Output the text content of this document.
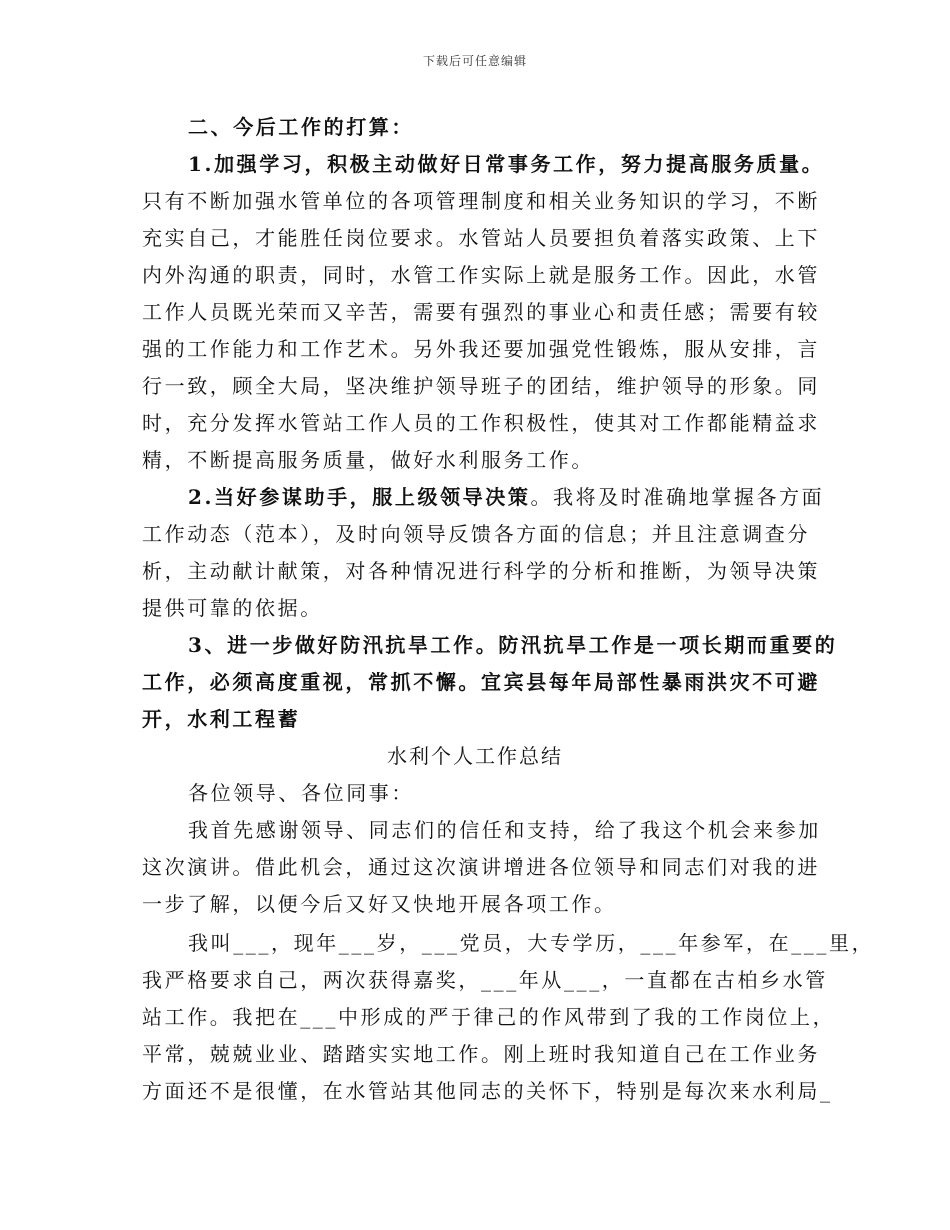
下载后可任意编辑
二、今后工作的打算：
1.加强学习，积极主动做好日常事务工作，努力提高服务质量。
只有不断加强水管单位的各项管理制度和相关业务知识的学习，不断
充实自己，才能胜任岗位要求。水管站人员要担负着落实政策、上下
内外沟通的职责，同时，水管工作实际上就是服务工作。因此，水管
工作人员既光荣而又辛苦，需要有强烈的事业心和责任感；需要有较
强的工作能力和工作艺术。另外我还要加强党性锻炼，服从安排，言
行一致，顾全大局，坚决维护领导班子的团结，维护领导的形象。同
时，充分发挥水管站工作人员的工作积极性，使其对工作都能精益求
精，不断提高服务质量，做好水利服务工作。
2.当好参谋助手，服上级领导决策。我将及时准确地掌握各方面
工作动态（范本），及时向领导反馈各方面的信息；并且注意调查分
析，主动献计献策，对各种情况进行科学的分析和推断，为领导决策
提供可靠的依据。
3、进一步做好防汛抗旱工作。防汛抗旱工作是一项长期而重要的
工作，必须高度重视，常抓不懈。宜宾县每年局部性暴雨洪灾不可避
开，水利工程蓄
水利个人工作总结
各位领导、各位同事：
我首先感谢领导、同志们的信任和支持，给了我这个机会来参加
这次演讲。借此机会，通过这次演讲增进各位领导和同志们对我的进
一步了解，以便今后又好又快地开展各项工作。
我叫___，现年___岁，___党员，大专学历，___年参军，在___里，
我严格要求自己，两次获得嘉奖，___年从___，一直都在古柏乡水管
站工作。我把在___中形成的严于律己的作风带到了我的工作岗位上，
平常，兢兢业业、踏踏实实地工作。刚上班时我知道自己在工作业务
方面还不是很懂，在水管站其他同志的关怀下，特别是每次来水利局_
